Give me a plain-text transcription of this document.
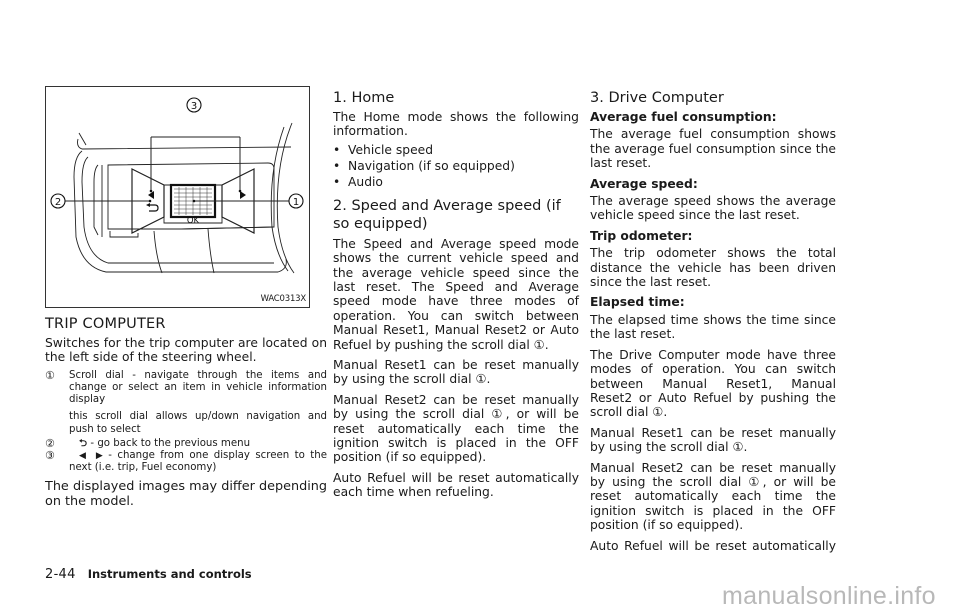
3
2	1
OK
WAC0313X
TRIP COMPUTER

Switches for the trip computer are located on the left side of the steering wheel.

① Scroll dial - navigate through the items and change or select an item in vehicle information display
this scroll dial allows up/down navigation and push to select
② ⮌ - go back to the previous menu
③	◀ ▶ - change from one display screen to the next (i.e. trip, Fuel economy)

The displayed images may differ depending on the model.

1. Home

The Home mode shows the following information.

• Vehicle speed
• Navigation (if so equipped)
• Audio
2. Speed and Average speed (if so equipped)

The Speed and Average speed mode shows the current vehicle speed and the average vehicle speed since the last reset. The Speed and Average speed mode have three modes of operation. You can switch between Manual Reset1, Manual Reset2 or Auto Refuel by pushing the scroll dial ①.

Manual Reset1 can be reset manually by using the scroll dial ①.

Manual Reset2 can be reset manually by using the scroll dial ①, or will be reset automatically each time the ignition switch is placed in the OFF position (if so equipped).

Auto Refuel will be reset automatically each time when refueling.

3. Drive Computer
Average fuel consumption:

The average fuel consumption shows the average fuel consumption since the last reset.

Average speed:

The average speed shows the average vehicle speed since the last reset.

Trip odometer:

The trip odometer shows the total distance the vehicle has been driven since the last reset.

Elapsed time:

The elapsed time shows the time since the last reset.

The Drive Computer mode have three modes of operation. You can switch between Manual Reset1, Manual Reset2 or Auto Refuel by pushing the scroll dial ①.

Manual Reset1 can be reset manually by using the scroll dial ①.

Manual Reset2 can be reset manually by using the scroll dial ①, or will be reset automatically each time the ignition switch is placed in the OFF position (if so equipped).

Auto Refuel will be reset automatically

2-44 Instruments and controls
manualsonline.info
